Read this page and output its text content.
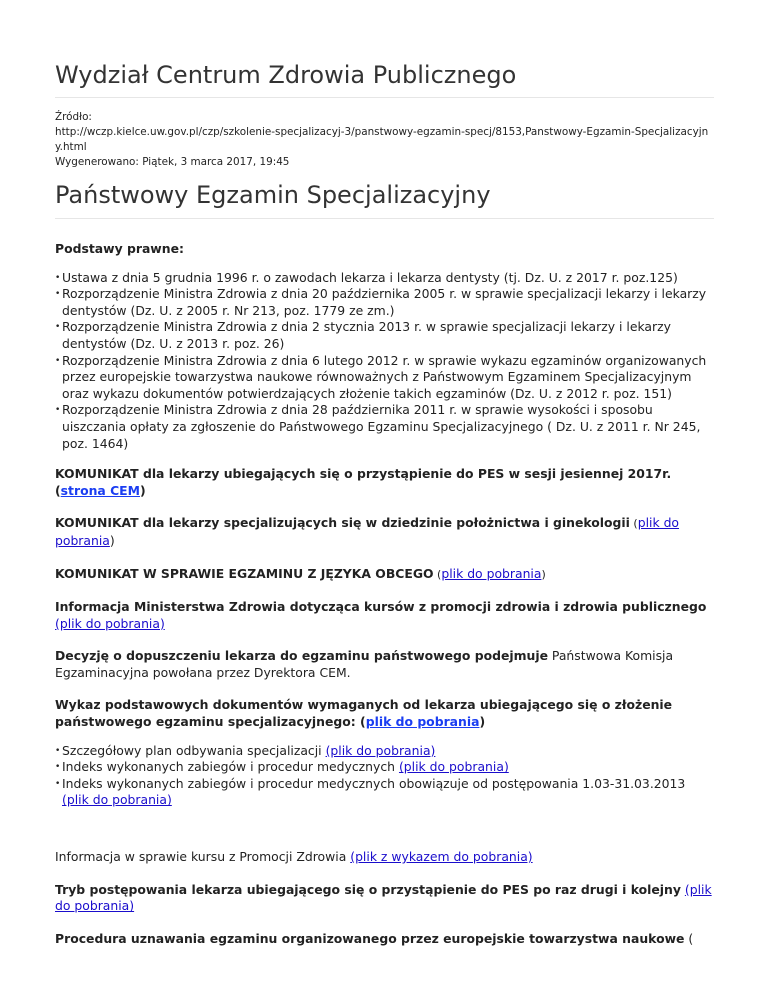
Wydział Centrum Zdrowia Publicznego
Źródło:
http://wczp.kielce.uw.gov.pl/czp/szkolenie-specjalizacyj-3/panstwowy-egzamin-specj/8153,Panstwowy-Egzamin-Specjalizacyjny.html
Wygenerowano: Piątek, 3 marca 2017, 19:45
Państwowy Egzamin Specjalizacyjny

Podstawy prawne:

• Ustawa z dnia 5 grudnia 1996 r. o zawodach lekarza i lekarza dentysty (tj. Dz. U. z 2017 r. poz.125)
• Rozporządzenie Ministra Zdrowia z dnia 20 października 2005 r. w sprawie specjalizacji lekarzy i lekarzy dentystów (Dz. U. z 2005 r. Nr 213, poz. 1779 ze zm.)
• Rozporządzenie Ministra Zdrowia z dnia 2 stycznia 2013 r. w sprawie specjalizacji lekarzy i lekarzy dentystów (Dz. U. z 2013 r. poz. 26)
• Rozporządzenie Ministra Zdrowia z dnia 6 lutego 2012 r. w sprawie wykazu egzaminów organizowanych przez europejskie towarzystwa naukowe równoważnych z Państwowym Egzaminem Specjalizacyjnym oraz wykazu dokumentów potwierdzających złożenie takich egzaminów (Dz. U. z 2012 r. poz. 151)
• Rozporządzenie Ministra Zdrowia z dnia 28 października 2011 r. w sprawie wysokości i sposobu uiszczania opłaty za zgłoszenie do Państwowego Egzaminu Specjalizacyjnego ( Dz. U. z 2011 r. Nr 245, poz. 1464)

KOMUNIKAT dla lekarzy ubiegających się o przystąpienie do PES w sesji jesiennej 2017r.(strona CEM)

KOMUNIKAT dla lekarzy specjalizujących się w dziedzinie położnictwa i ginekologii (plik do pobrania)

KOMUNIKAT W SPRAWIE EGZAMINU Z JĘZYKA OBCEGO (plik do pobrania)

Informacja Ministerstwa Zdrowia dotycząca kursów z promocji zdrowia i zdrowia publicznego
(plik do pobrania)

Decyzję o dopuszczeniu lekarza do egzaminu państwowego podejmuje Państwowa Komisja Egzaminacyjna powołana przez Dyrektora CEM.

Wykaz podstawowych dokumentów wymaganych od lekarza ubiegającego się o złożenie państwowego egzaminu specjalizacyjnego: (plik do pobrania)

• Szczegółowy plan odbywania specjalizacji (plik do pobrania)
• Indeks wykonanych zabiegów i procedur medycznych (plik do pobrania)
• Indeks wykonanych zabiegów i procedur medycznych obowiązuje od postępowania 1.03-31.03.2013 (plik do pobrania)

Informacja w sprawie kursu z Promocji Zdrowia (plik z wykazem do pobrania)

Tryb postępowania lekarza ubiegającego się o przystąpienie do PES po raz drugi i kolejny (plik do pobrania)

Procedura uznawania egzaminu organizowanego przez europejskie towarzystwa naukowe (
